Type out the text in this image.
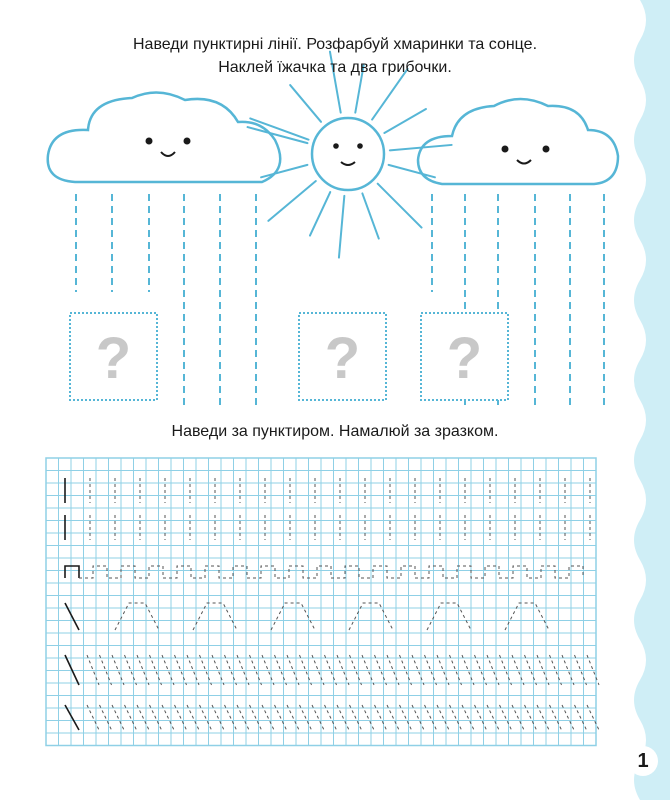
?	? ?
Наведи пунктирні лінії. Розфарбуй хмаринки та сонце.
Наклей їжачка та два грибочки.
Наведи за пунктиром. Намалюй за зразком.
1
